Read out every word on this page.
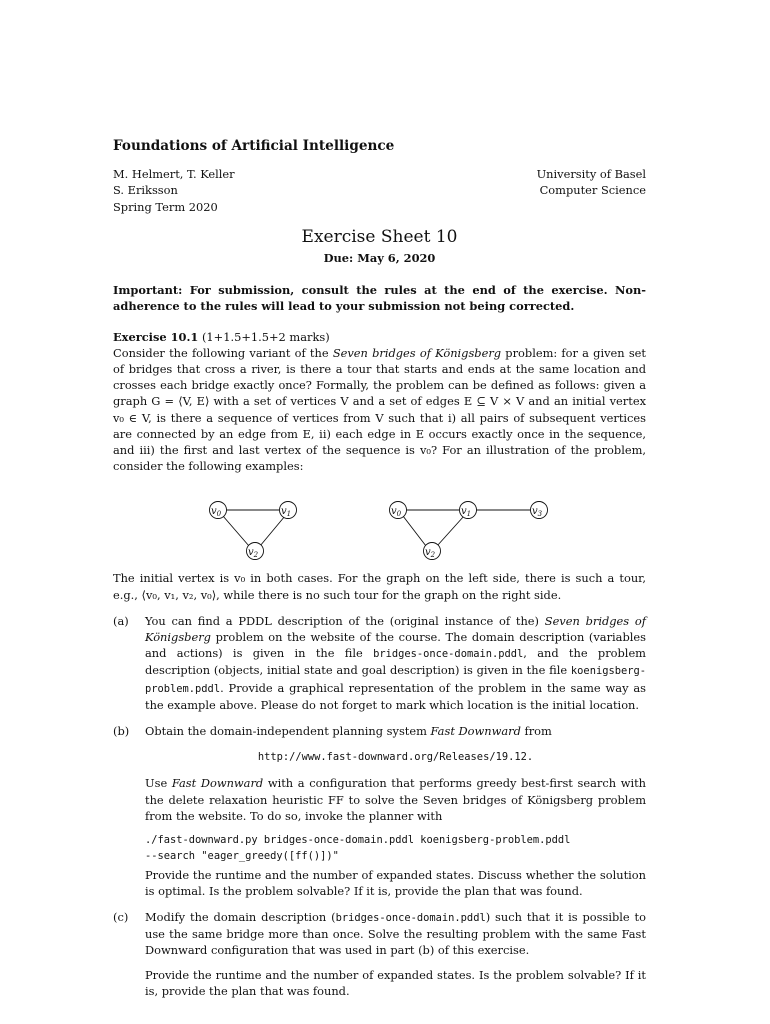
Foundations of Artificial Intelligence
M. Helmert, T. Keller
S. Eriksson
Spring Term 2020
University of Basel
Computer Science
Exercise Sheet 10
Due: May 6, 2020
Important: For submission, consult the rules at the end of the exercise. Non-adherence to the rules will lead to your submission not being corrected.
Exercise 10.1 (1+1.5+1.5+2 marks)

Consider the following variant of the Seven bridges of Königsberg problem: for a given set of bridges that cross a river, is there a tour that starts and ends at the same location and crosses each bridge exactly once? Formally, the problem can be defined as follows: given a graph G = ⟨V, E⟩ with a set of vertices V and a set of edges E ⊆ V × V and an initial vertex v₀ ∈ V, is there a sequence of vertices from V such that i) all pairs of subsequent vertices are connected by an edge from E, ii) each edge in E occurs exactly once in the sequence, and iii) the first and last vertex of the sequence is v₀? For an illustration of the problem, consider the following examples:

$v_0$	$v_1$
$v_2$
$v_0$	$v_1$
$v_2$
$v_3$

The initial vertex is v₀ in both cases. For the graph on the left side, there is such a tour, e.g., ⟨v₀, v₁, v₂, v₀⟩, while there is no such tour for the graph on the right side.

(a)	You can find a PDDL description of the (original instance of the) Seven bridges of Königsberg problem on the website of the course. The domain description (variables and actions) is given in the file bridges-once-domain.pddl, and the problem description (objects, initial state and goal description) is given in the file koenigsberg-problem.pddl. Provide a graphical representation of the problem in the same way as the example above. Please do not forget to mark which location is the initial location.

(b)	Obtain the domain-independent planning system Fast Downward from

http://www.fast-downward.org/Releases/19.12.

Use Fast Downward with a configuration that performs greedy best-first search with the delete relaxation heuristic FF to solve the Seven bridges of Königsberg problem from the website. To do so, invoke the planner with

./fast-downward.py bridges-once-domain.pddl koenigsberg-problem.pddl
--search "eager_greedy([ff()])"

Provide the runtime and the number of expanded states. Discuss whether the solution is optimal. Is the problem solvable? If it is, provide the plan that was found.

(c)	Modify the domain description (bridges-once-domain.pddl) such that it is possible to use the same bridge more than once. Solve the resulting problem with the same Fast Downward configuration that was used in part (b) of this exercise.

Provide the runtime and the number of expanded states. Is the problem solvable? If it is, provide the plan that was found.
